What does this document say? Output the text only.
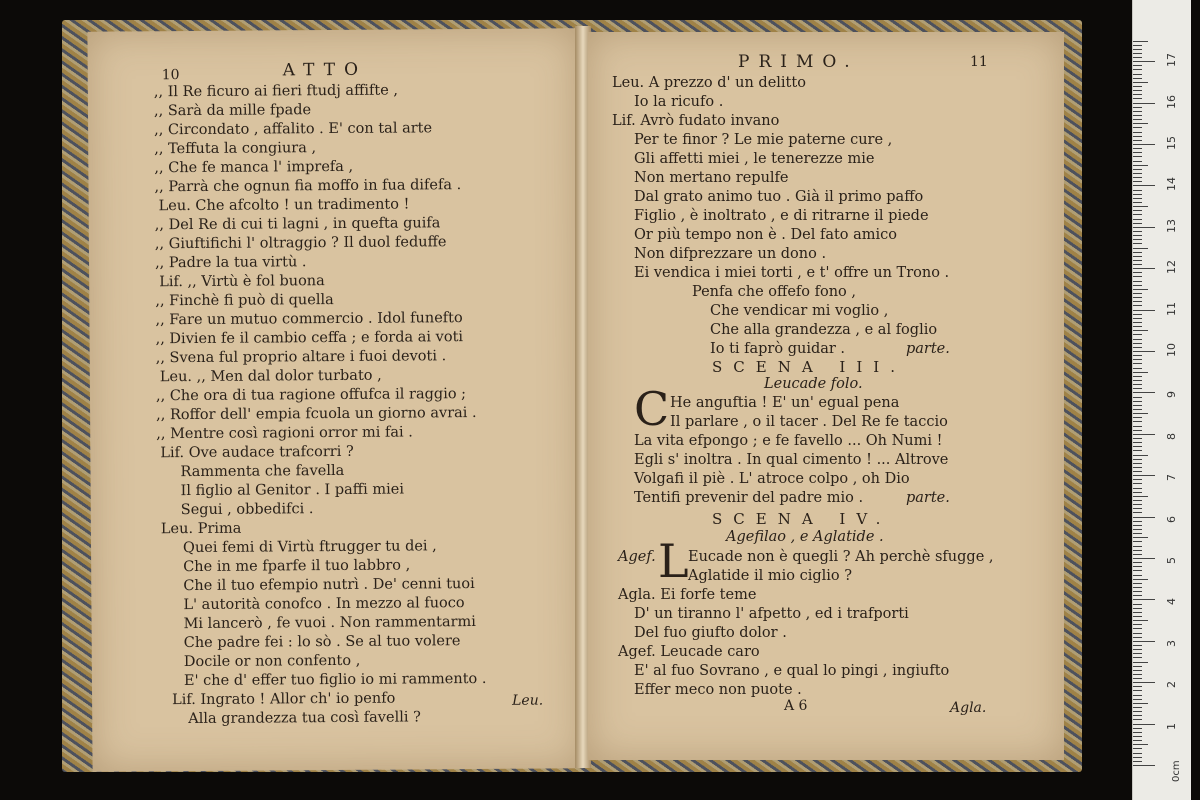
10	ATTO
,, Il Re ficuro ai fieri ftudj affifte ,
,, Sarà da mille fpade
,, Circondato , affalito . E' con tal arte
,, Teffuta la congiura ,
,, Che fe manca l' imprefa ,
,, Parrà che ognun fia moffo in fua difefa .
Leu. Che afcolto ! un tradimento !
,, Del Re di cui ti lagni , in quefta guifa
,, Giuftifichi l' oltraggio ? Il duol feduffe
,, Padre la tua virtù .
Lif. ,, Virtù è fol buona
,, Finchè fi può di quella
,, Fare un mutuo commercio . Idol funefto
,, Divien fe il cambio ceffa ; e forda ai voti
,, Svena ful proprio altare i fuoi devoti .
Leu. ,, Men dal dolor turbato ,
,, Che ora di tua ragione offufca il raggio ;
,, Roffor dell' empia fcuola un giorno avrai .
,, Mentre così ragioni orror mi fai .
Lif. Ove audace trafcorri ?
Rammenta che favella
Il figlio al Genitor . I paffi miei
Segui , obbedifci .
Leu. Prima
Quei femi di Virtù ftrugger tu dei ,
Che in me fparfe il tuo labbro ,
Che il tuo efempio nutrì . De' cenni tuoi
L' autorità conofco . In mezzo al fuoco
Mi lancerò , fe vuoi . Non rammentarmi
Che padre fei : lo sò . Se al tuo volere
Docile or non confento ,
E' che d' effer tuo figlio io mi rammento .
Lif. Ingrato ! Allor ch' io penfo
Alla grandezza tua così favelli ?
Leu.
PRIMO.	11
Leu. A prezzo d' un delitto
Io la ricufo .
Lif. Avrò fudato invano
Per te finor ? Le mie paterne cure ,
Gli affetti miei , le tenerezze mie
Non mertano repulfe
Dal grato animo tuo . Già il primo paffo
Figlio , è inoltrato , e di ritrarne il piede
Or più tempo non è . Del fato amico
Non difprezzare un dono .
Ei vendica i miei torti , e t' offre un Trono .
Penfa che offefo fono ,
Che vendicar mi voglio ,
Che alla grandezza , e al foglio
Io ti faprò guidar .	parte.
SCENA III.
Leucade folo.
C He anguftia ! E' un' egual pena
Il parlare , o il tacer . Del Re fe taccio
La vita efpongo ; e fe favello ... Oh Numi !
Egli s' inoltra . In qual cimento ! ... Altrove
Volgafi il piè . L' atroce colpo , oh Dio
Tentifi prevenir del padre mio .	parte.
SCENA IV.
Agefilao , e Aglatide .
L
Agef. Eucade non è quegli ? Ah perchè sfugge ,
Aglatide il mio ciglio ?
Agla. Ei forfe teme
D' un tiranno l' afpetto , ed i trafporti
Del fuo giufto dolor .
Agef. Leucade caro
E' al fuo Sovrano , e qual lo pingi , ingiufto
Effer meco non puote .
A 6	Agla.
0cm
1
2
3
4
5
6
7
8
9
10
11
12
13
14
15
16
17
